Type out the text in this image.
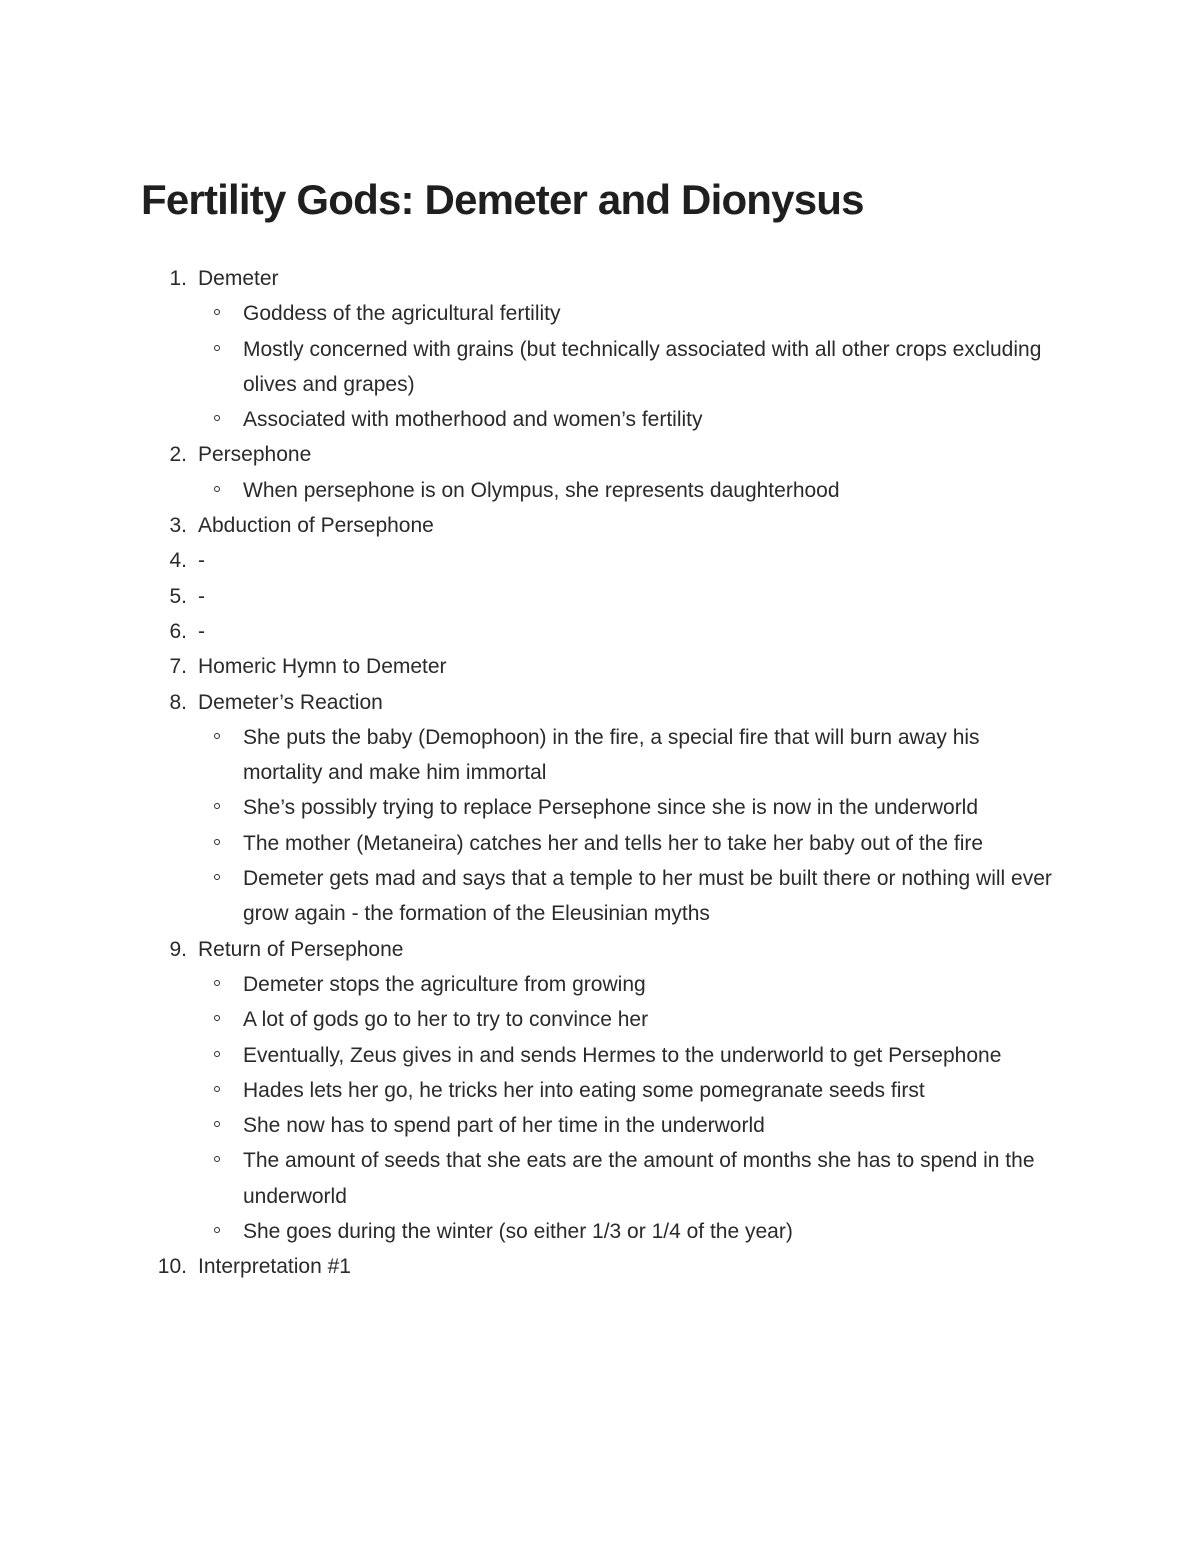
Fertility Gods: Demeter and Dionysus
1. Demeter
Goddess of the agricultural fertility
Mostly concerned with grains (but technically associated with all other crops excluding olives and grapes)
Associated with motherhood and women’s fertility
2. Persephone
When persephone is on Olympus, she represents daughterhood
3. Abduction of Persephone
4. -
5. -
6. -
7. Homeric Hymn to Demeter
8. Demeter’s Reaction
She puts the baby (Demophoon) in the fire, a special fire that will burn away his mortality and make him immortal
She’s possibly trying to replace Persephone since she is now in the underworld
The mother (Metaneira) catches her and tells her to take her baby out of the fire
Demeter gets mad and says that a temple to her must be built there or nothing will ever grow again - the formation of the Eleusinian myths
9. Return of Persephone
Demeter stops the agriculture from growing
A lot of gods go to her to try to convince her
Eventually, Zeus gives in and sends Hermes to the underworld to get Persephone
Hades lets her go, he tricks her into eating some pomegranate seeds first
She now has to spend part of her time in the underworld
The amount of seeds that she eats are the amount of months she has to spend in the underworld
She goes during the winter (so either 1/3 or 1/4 of the year)
10. Interpretation #1
